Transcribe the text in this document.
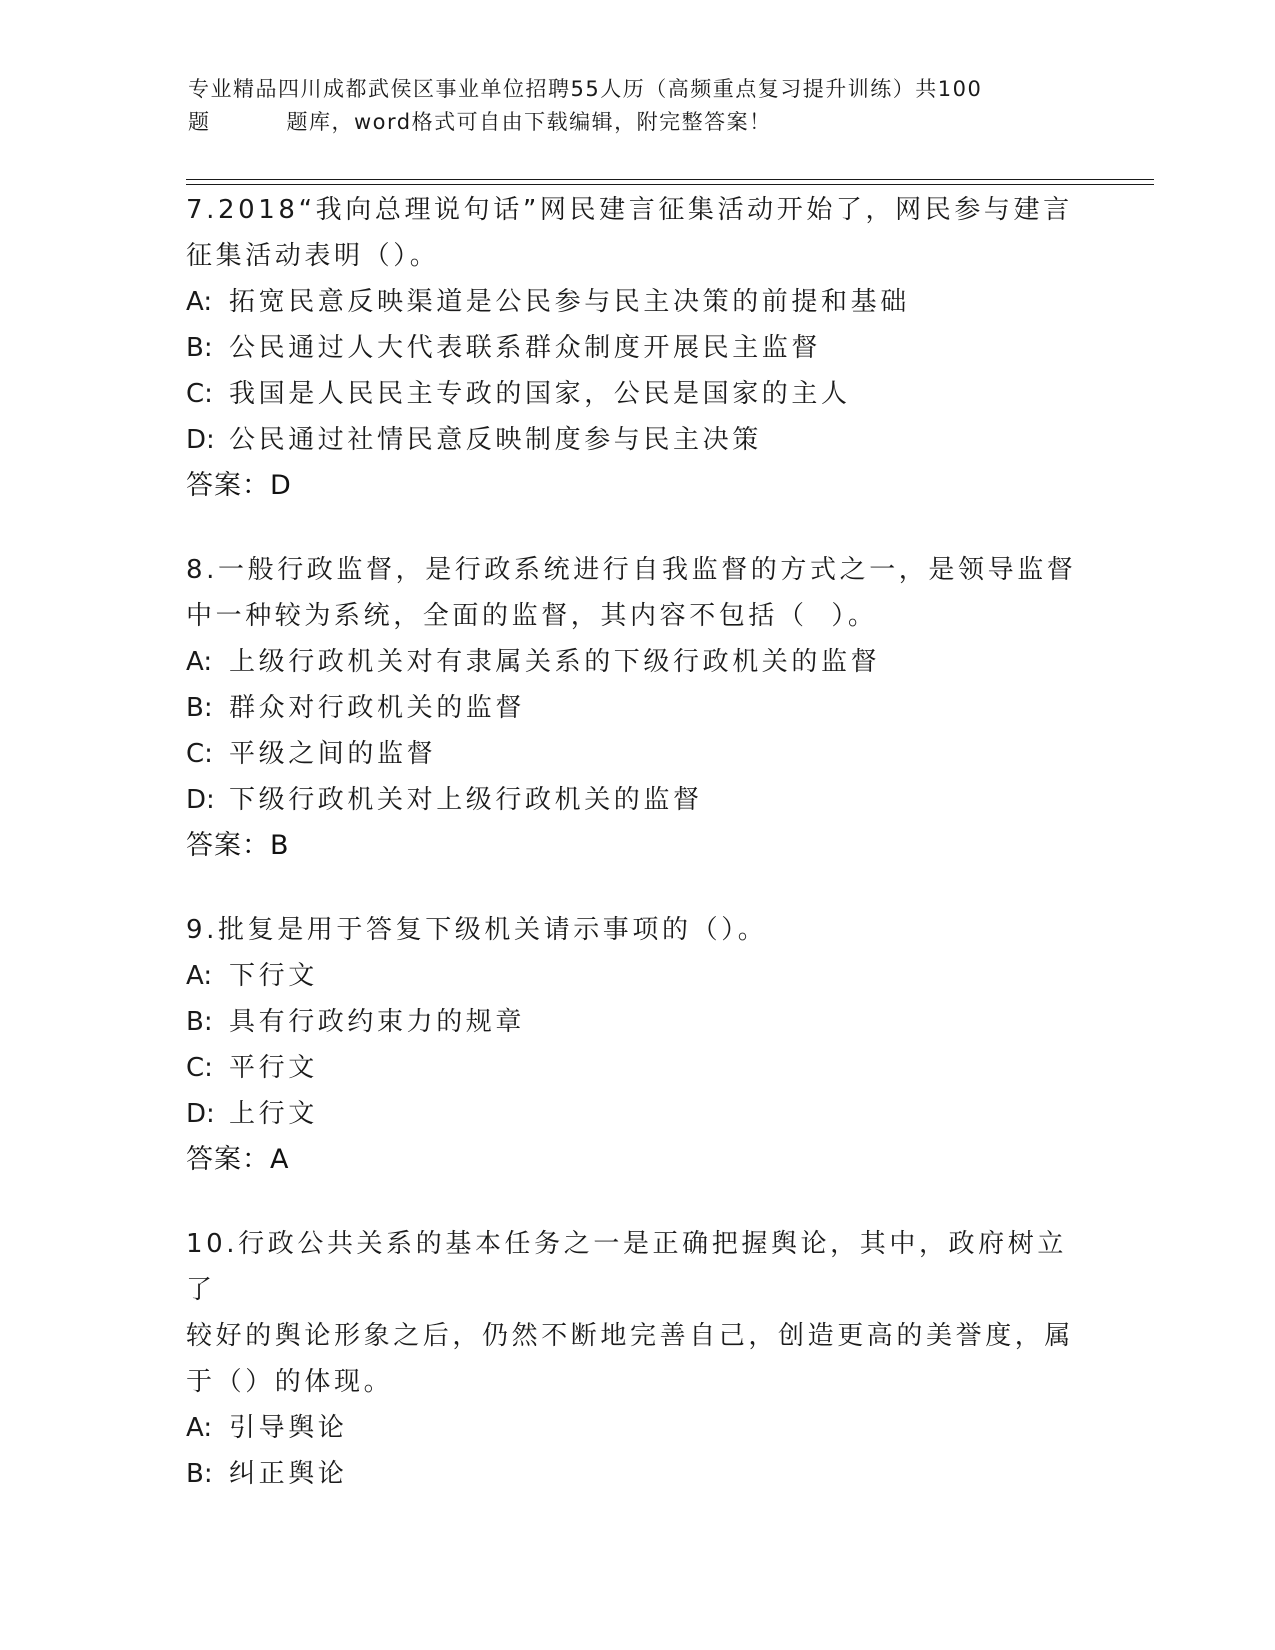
专业精品四川成都武侯区事业单位招聘55人历（高频重点复习提升训练）共100
题	题库，word格式可自由下载编辑，附完整答案！
7.2018“我向总理说句话”网民建言征集活动开始了，网民参与建言
征集活动表明（）。
A: 拓宽民意反映渠道是公民参与民主决策的前提和基础
B: 公民通过人大代表联系群众制度开展民主监督
C: 我国是人民民主专政的国家，公民是国家的主人
D: 公民通过社情民意反映制度参与民主决策
答案：D
8.一般行政监督，是行政系统进行自我监督的方式之一，是领导监督
中一种较为系统，全面的监督，其内容不包括（  ）。
A: 上级行政机关对有隶属关系的下级行政机关的监督
B: 群众对行政机关的监督
C: 平级之间的监督
D: 下级行政机关对上级行政机关的监督
答案：B
9.批复是用于答复下级机关请示事项的（）。
A: 下行文
B: 具有行政约束力的规章
C: 平行文
D: 上行文
答案：A
10.行政公共关系的基本任务之一是正确把握舆论，其中，政府树立了
较好的舆论形象之后，仍然不断地完善自己，创造更高的美誉度，属
于（）的体现。
A: 引导舆论
B: 纠正舆论
